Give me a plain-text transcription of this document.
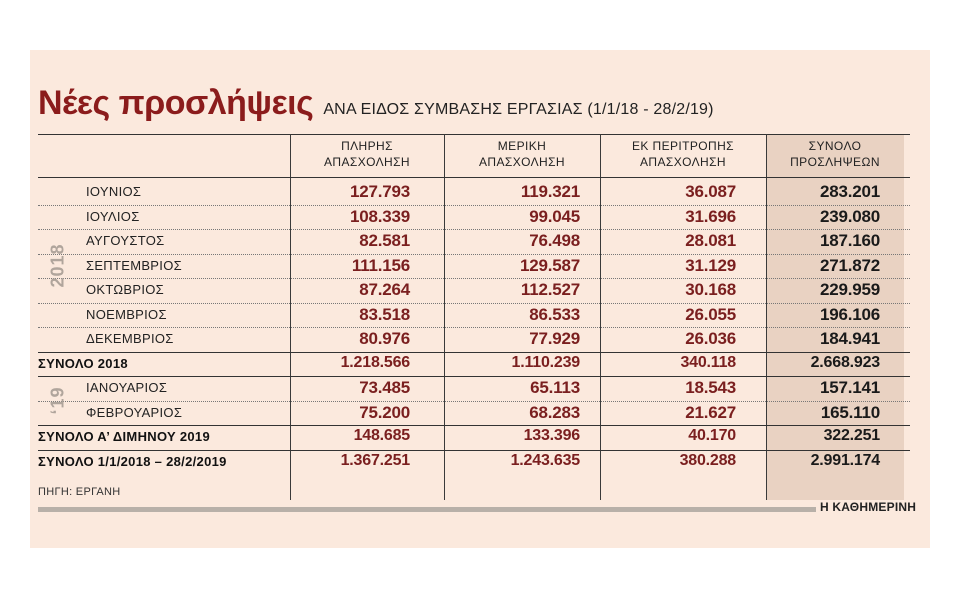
Νέες προσλήψεις ΑΝΑ ΕΙΔΟΣ ΣΥΜΒΑΣΗΣ ΕΡΓΑΣΙΑΣ (1/1/18 - 28/2/19)
ΠΛΗΡΗΣ
ΑΠΑΣΧΟΛΗΣΗ
ΜΕΡΙΚΗ
ΑΠΑΣΧΟΛΗΣΗ
ΕΚ ΠΕΡΙΤΡΟΠΗΣ
ΑΠΑΣΧΟΛΗΣΗ
ΣΥΝΟΛΟ
ΠΡΟΣΛΗΨΕΩΝ
ΙΟΥΝΙΟΣ	127.793	119.321	36.087	283.201
ΙΟΥΛΙΟΣ	108.339	99.045	31.696	239.080
ΑΥΓΟΥΣΤΟΣ	82.581	76.498	28.081	187.160
ΣΕΠΤΕΜΒΡΙΟΣ	111.156	129.587	31.129	271.872
ΟΚΤΩΒΡΙΟΣ	87.264	112.527	30.168	229.959
ΝΟΕΜΒΡΙΟΣ	83.518	86.533	26.055	196.106
ΔΕΚΕΜΒΡΙΟΣ	80.976	77.929	26.036	184.941
2018
ΣΥΝΟΛΟ 2018	1.218.566	1.110.239	340.118	2.668.923
ΙΑΝΟΥΑΡΙΟΣ	73.485	65.113	18.543	157.141
ΦΕΒΡΟΥΑΡΙΟΣ	75.200	68.283	21.627	165.110
‘19
ΣΥΝΟΛΟ Α’ ΔΙΜΗΝΟΥ 2019	148.685	133.396	40.170	322.251
ΣΥΝΟΛΟ 1/1/2018 – 28/2/2019	1.367.251	1.243.635	380.288	2.991.174
ΠΗΓΗ: ΕΡΓΑΝΗ
Η ΚΑΘΗΜΕΡΙΝΗ
